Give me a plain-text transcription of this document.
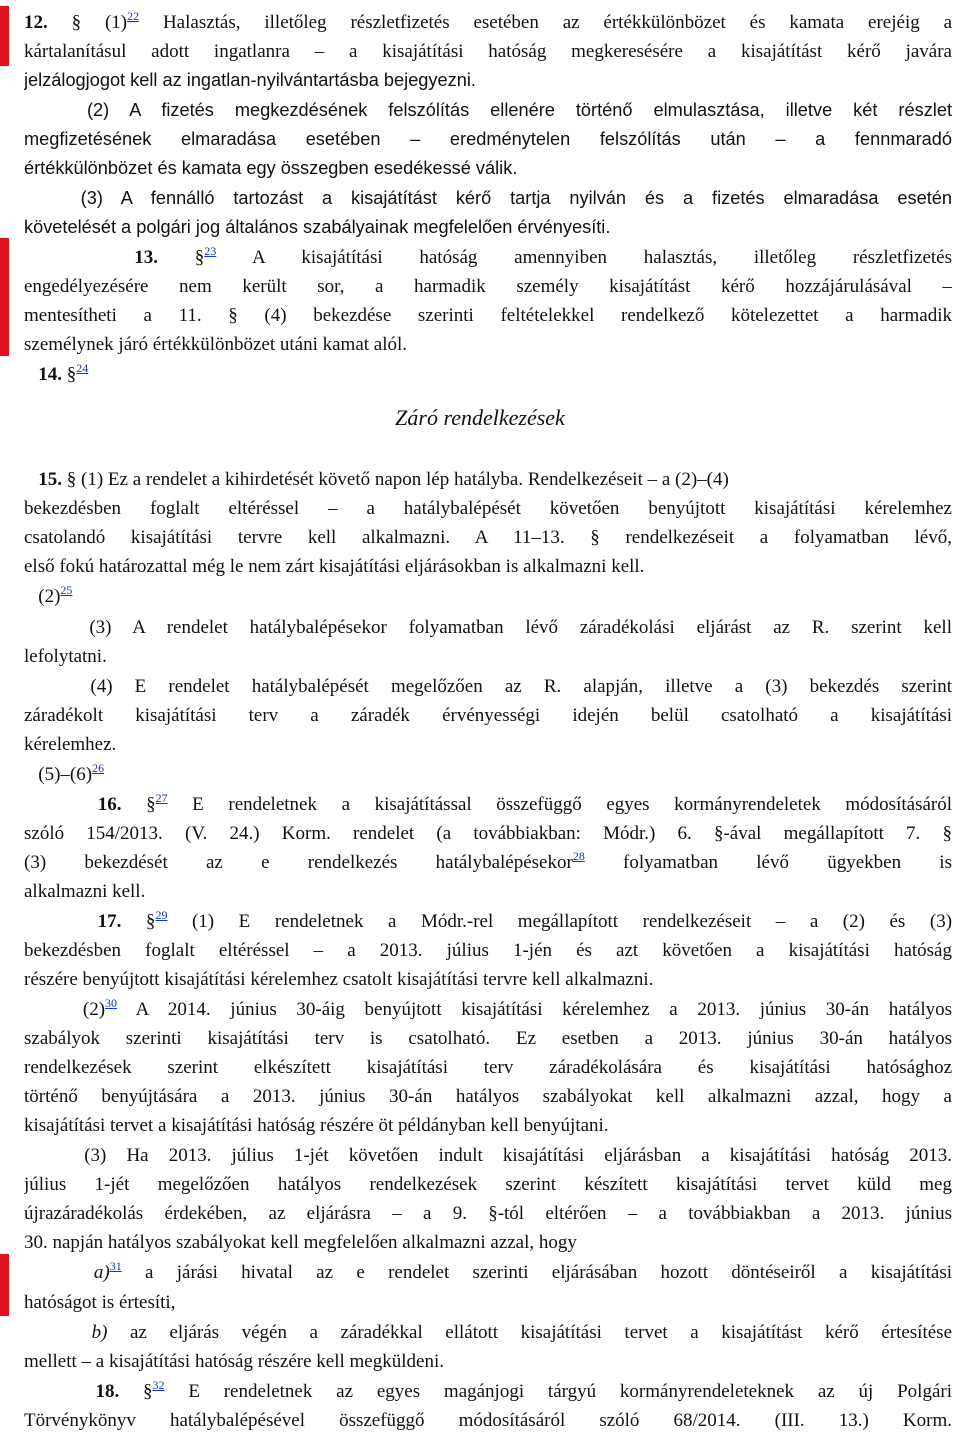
12. § $(1)^{22}$ Halasztás, illetőleg részletfizetés esetében az értékkülönbözet és kamata erejéig a
kártalanításul adott ingatlanra – a kisajátítási hatóság megkeresésére a kisajátítást kérő javára
jelzálogjogot kell az ingatlan-nyilvántartásba bejegyezni.
(2) A fizetés megkezdésének felszólítás ellenére történő elmulasztása, illetve két részlet
megfizetésének elmaradása esetében – eredménytelen felszólítás után – a fennmaradó
értékkülönbözet és kamata egy összegben esedékessé válik.
(3) A fennálló tartozást a kisajátítást kérő tartja nyilván és a fizetés elmaradása esetén
követelését a polgári jog általános szabályainak megfelelően érvényesíti.
13. §$^{23}$ A kisajátítási hatóság amennyiben halasztás, illetőleg részletfizetés
engedélyezésére nem került sor, a harmadik személy kisajátítást kérő hozzájárulásával –
mentesítheti a 11. § (4) bekezdése szerinti feltételekkel rendelkező kötelezettet a harmadik
személynek járó értékkülönbözet utáni kamat alól.
14. §$^{24}$
15. § (1) Ez a rendelet a kihirdetését követő napon lép hatályba. Rendelkezéseit – a (2)–(4)
bekezdésben foglalt eltéréssel – a hatálybalépését követően benyújtott kisajátítási kérelemhez
csatolandó kisajátítási tervre kell alkalmazni. A 11–13. § rendelkezéseit a folyamatban lévő,
első fokú határozattal még le nem zárt kisajátítási eljárásokban is alkalmazni kell.
$(2)^{25}$
(3) A rendelet hatálybalépésekor folyamatban lévő záradékolási eljárást az R. szerint kell
lefolytatni.
(4) E rendelet hatálybalépését megelőzően az R. alapján, illetve a (3) bekezdés szerint
záradékolt kisajátítási terv a záradék érvényességi idején belül csatolható a kisajátítási
kérelemhez.
$(5)-(6)^{26}$
16. §$^{27}$ E rendeletnek a kisajátítással összefüggő egyes kormányrendeletek módosításáról
szóló 154/2013. (V. 24.) Korm. rendelet (a továbbiakban: Módr.) 6. §-ával megállapított 7. §
(3) bekezdését az e rendelkezés hatálybalépésekor$^{28}$ folyamatban lévő ügyekben is
alkalmazni kell.
17. §$^{29}$ (1) E rendeletnek a Módr.-rel megállapított rendelkezéseit – a (2) és (3)
bekezdésben foglalt eltéréssel – a 2013. július 1-jén és azt követően a kisajátítási hatóság
részére benyújtott kisajátítási kérelemhez csatolt kisajátítási tervre kell alkalmazni.
$(2)^{30}$ A 2014. június 30-áig benyújtott kisajátítási kérelemhez a 2013. június 30-án hatályos
szabályok szerinti kisajátítási terv is csatolható. Ez esetben a 2013. június 30-án hatályos
rendelkezések szerint elkészített kisajátítási terv záradékolására és kisajátítási hatósághoz
történő benyújtására a 2013. június 30-án hatályos szabályokat kell alkalmazni azzal, hogy a
kisajátítási tervet a kisajátítási hatóság részére öt példányban kell benyújtani.
(3) Ha 2013. július 1-jét követően indult kisajátítási eljárásban a kisajátítási hatóság 2013.
július 1-jét megelőzően hatályos rendelkezések szerint készített kisajátítási tervet küld meg
újrazáradékolás érdekében, az eljárásra – a 9. §-tól eltérően – a továbbiakban a 2013. június
30. napján hatályos szabályokat kell megfelelően alkalmazni azzal, hogy
a)$^{31}$ a járási hivatal az e rendelet szerinti eljárásában hozott döntéseiről a kisajátítási
hatóságot is értesíti,
b) az eljárás végén a záradékkal ellátott kisajátítási tervet a kisajátítást kérő értesítése
mellett – a kisajátítási hatóság részére kell megküldeni.
18. §$^{32}$ E rendeletnek az egyes magánjogi tárgyú kormányrendeleteknek az új Polgári
Törvénykönyv hatálybalépésével összefüggő módosításáról szóló 68/2014. (III. 13.) Korm.
Záró rendelkezések
